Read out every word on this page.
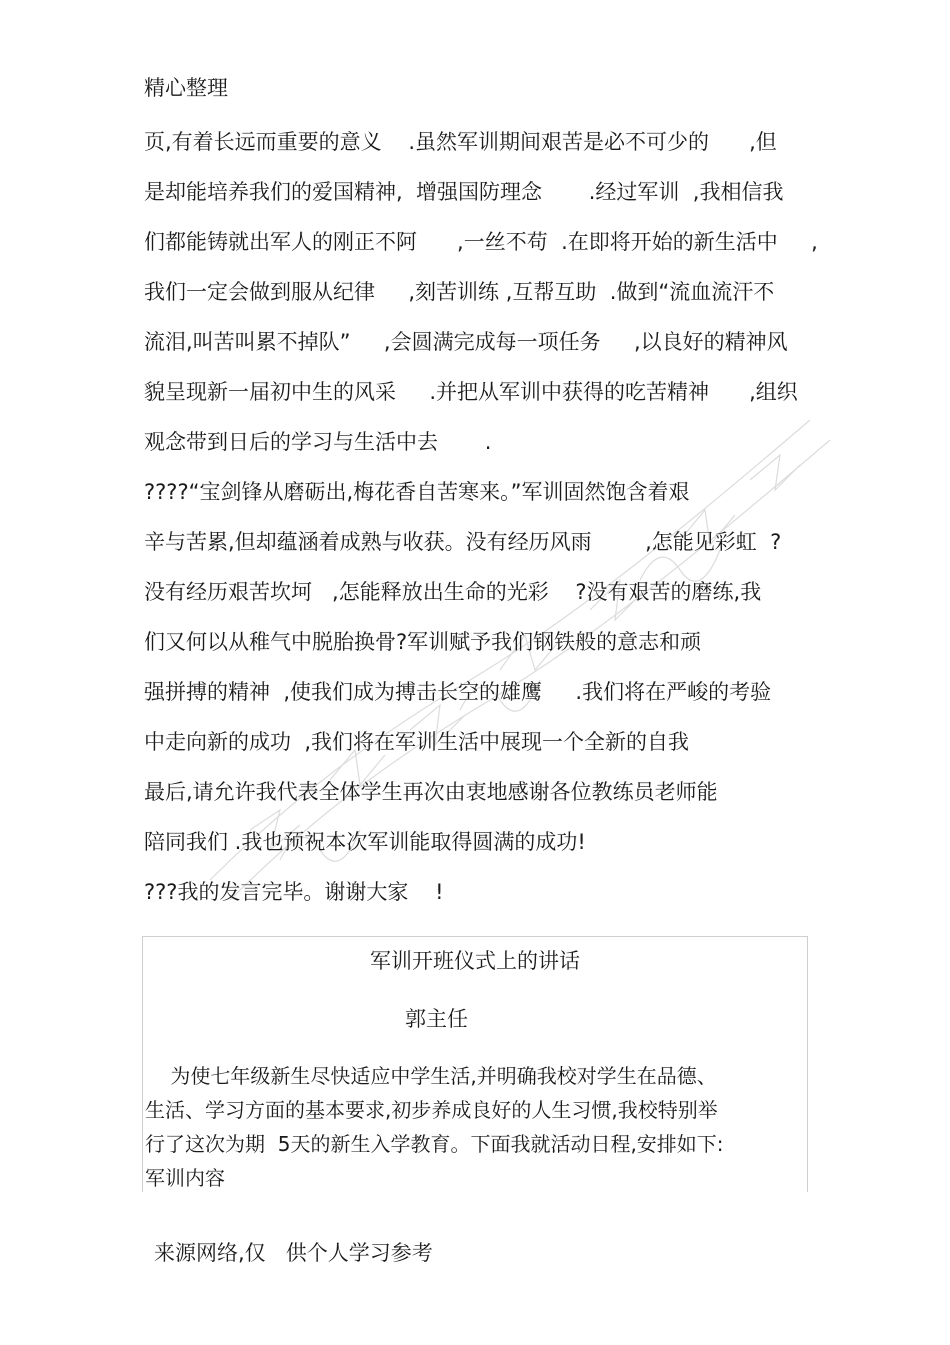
精心整理
页,有着长远而重要的意义    .虽然军训期间艰苦是必不可少的      ,但
是却能培养我们的爱国精神,  增强国防理念       .经过军训  ,我相信我
们都能铸就出军人的刚正不阿      ,一丝不苟  .在即将开始的新生活中     ,
我们一定会做到服从纪律     ,刻苦训练 ,互帮互助  .做到“流血流汗不
流泪,叫苦叫累不掉队”     ,会圆满完成每一项任务     ,以良好的精神风
貌呈现新一届初中生的风采     .并把从军训中获得的吃苦精神      ,组织
观念带到日后的学习与生活中去       .
????“宝剑锋从磨砺出,梅花香自苦寒来。”军训固然饱含着艰
辛与苦累,但却蕴涵着成熟与收获。没有经历风雨        ,怎能见彩虹  ?
没有经历艰苦坎坷   ,怎能释放出生命的光彩    ?没有艰苦的磨练,我
们又何以从稚气中脱胎换骨?军训赋予我们钢铁般的意志和顽
强拼搏的精神  ,使我们成为搏击长空的雄鹰     .我们将在严峻的考验
中走向新的成功  ,我们将在军训生活中展现一个全新的自我
最后,请允许我代表全体学生再次由衷地感谢各位教练员老师能
陪同我们 .我也预祝本次军训能取得圆满的成功!
???我的发言完毕。谢谢大家    !
军训开班仪式上的讲话
郭主任
为使七年级新生尽快适应中学生活,并明确我校对学生在品德、
生活、学习方面的基本要求,初步养成良好的人生习惯,我校特别举
行了这次为期  5天的新生入学教育。下面我就活动日程,安排如下:
军训内容
来源网络,仅   供个人学习参考
